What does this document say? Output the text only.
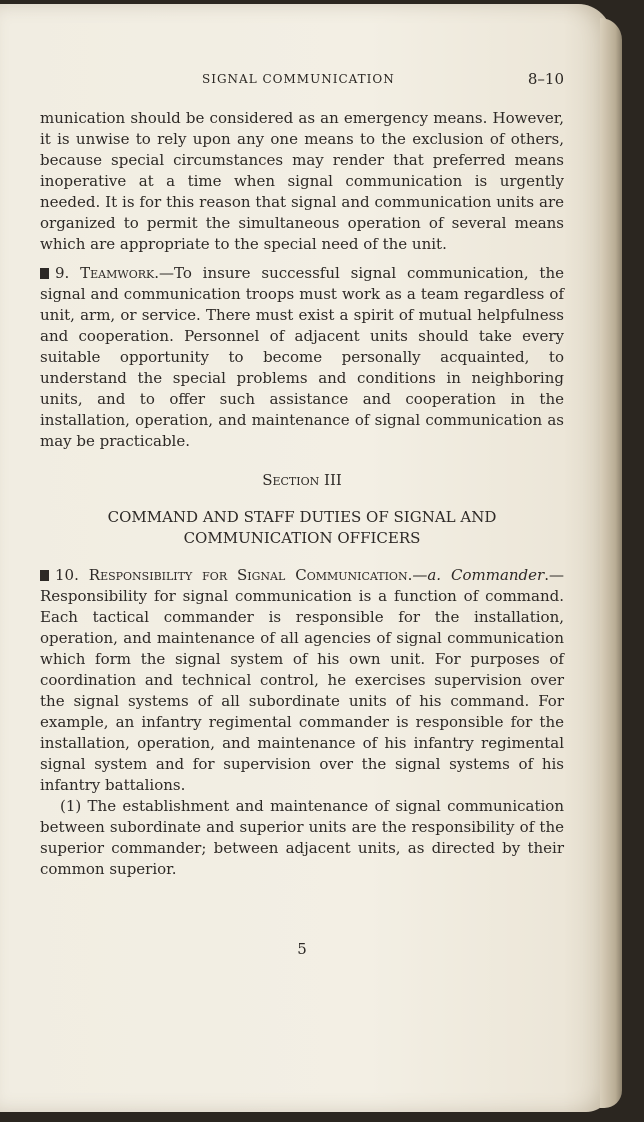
SIGNAL COMMUNICATION	8–10

munication should be considered as an emergency means. However, it is unwise to rely upon any one means to the exclusion of others, because special circumstances may render that preferred means inoperative at a time when signal communication is urgently needed. It is for this reason that signal and communication units are organized to permit the simultaneous operation of several means which are appropriate to the special need of the unit.

9. Teamwork.—To insure successful signal communication, the signal and communication troops must work as a team regardless of unit, arm, or service. There must exist a spirit of mutual helpfulness and cooperation. Personnel of adjacent units should take every suitable opportunity to become personally acquainted, to understand the special problems and conditions in neighboring units, and to offer such assistance and cooperation in the installation, operation, and maintenance of signal communication as may be practicable.

Section III
COMMAND AND STAFF DUTIES OF SIGNAL AND COMMUNICATION OFFICERS

10. Responsibility for Signal Communication.—a. Commander.—Responsibility for signal communication is a function of command. Each tactical commander is responsible for the installation, operation, and maintenance of all agencies of signal communication which form the signal system of his own unit. For purposes of coordination and technical control, he exercises supervision over the signal systems of all subordinate units of his command. For example, an infantry regimental commander is responsible for the installation, operation, and maintenance of his infantry regimental signal system and for supervision over the signal systems of his infantry battalions.

(1) The establishment and maintenance of signal communication between subordinate and superior units are the responsibility of the superior commander; between adjacent units, as directed by their common superior.

5
